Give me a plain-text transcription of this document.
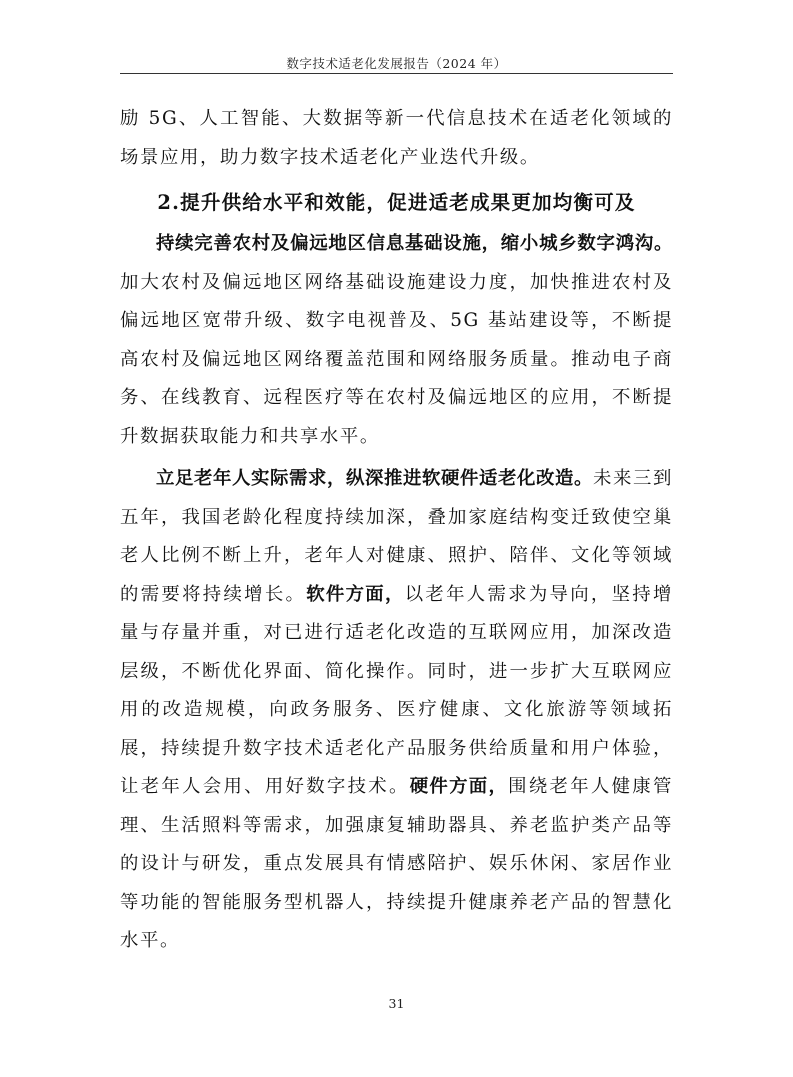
数字技术适老化发展报告（2024 年）

励 5G、人工智能、大数据等新一代信息技术在适老化领域的场景应用，助力数字技术适老化产业迭代升级。

2.提升供给水平和效能，促进适老成果更加均衡可及

持续完善农村及偏远地区信息基础设施，缩小城乡数字鸿沟。加大农村及偏远地区网络基础设施建设力度，加快推进农村及偏远地区宽带升级、数字电视普及、5G 基站建设等，不断提高农村及偏远地区网络覆盖范围和网络服务质量。推动电子商务、在线教育、远程医疗等在农村及偏远地区的应用，不断提升数据获取能力和共享水平。

立足老年人实际需求，纵深推进软硬件适老化改造。未来三到五年，我国老龄化程度持续加深，叠加家庭结构变迁致使空巢老人比例不断上升，老年人对健康、照护、陪伴、文化等领域的需要将持续增长。软件方面，以老年人需求为导向，坚持增量与存量并重，对已进行适老化改造的互联网应用，加深改造层级，不断优化界面、简化操作。同时，进一步扩大互联网应用的改造规模，向政务服务、医疗健康、文化旅游等领域拓展，持续提升数字技术适老化产品服务供给质量和用户体验，让老年人会用、用好数字技术。硬件方面，围绕老年人健康管理、生活照料等需求，加强康复辅助器具、养老监护类产品等的设计与研发，重点发展具有情感陪护、娱乐休闲、家居作业等功能的智能服务型机器人，持续提升健康养老产品的智慧化水平。

31
